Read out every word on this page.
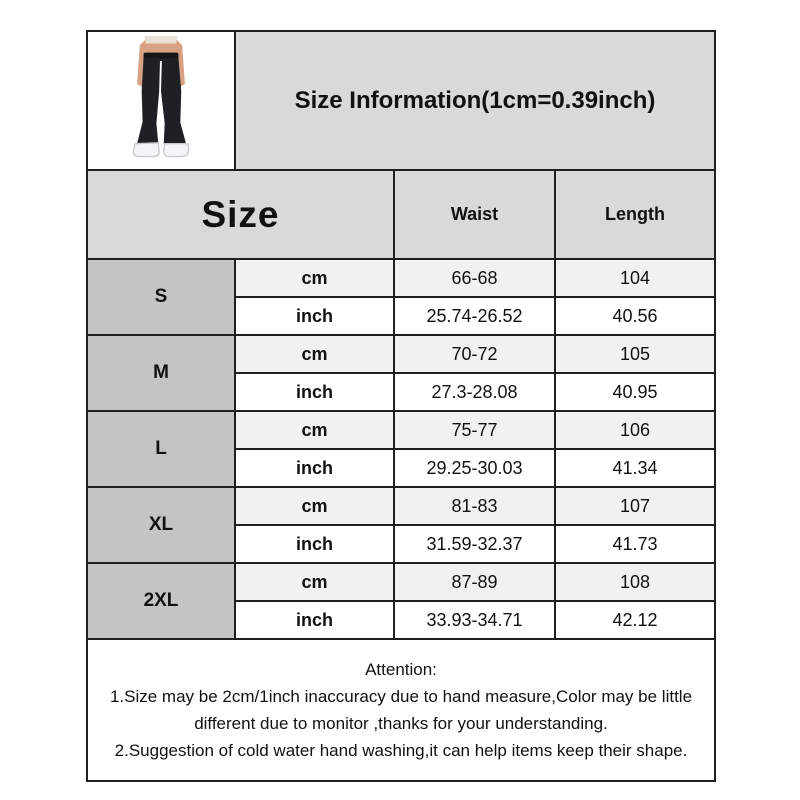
	Size Information(1cm=0.39inch)		
Size		Waist	Length
S	cm	66-68	104
	inch	25.74-26.52	40.56
M	cm	70-72	105
	inch	27.3-28.08	40.95
L	cm	75-77	106
	inch	29.25-30.03	41.34
XL	cm	81-83	107
	inch	31.59-32.37	41.73
2XL	cm	87-89	108
	inch	33.93-34.71	42.12

Attention:
1.Size may be 2cm/1inch inaccuracy due to hand measure,Color may be little different due to monitor ,thanks for your understanding.
2.Suggestion of cold water hand washing,it can help items keep their shape.			
